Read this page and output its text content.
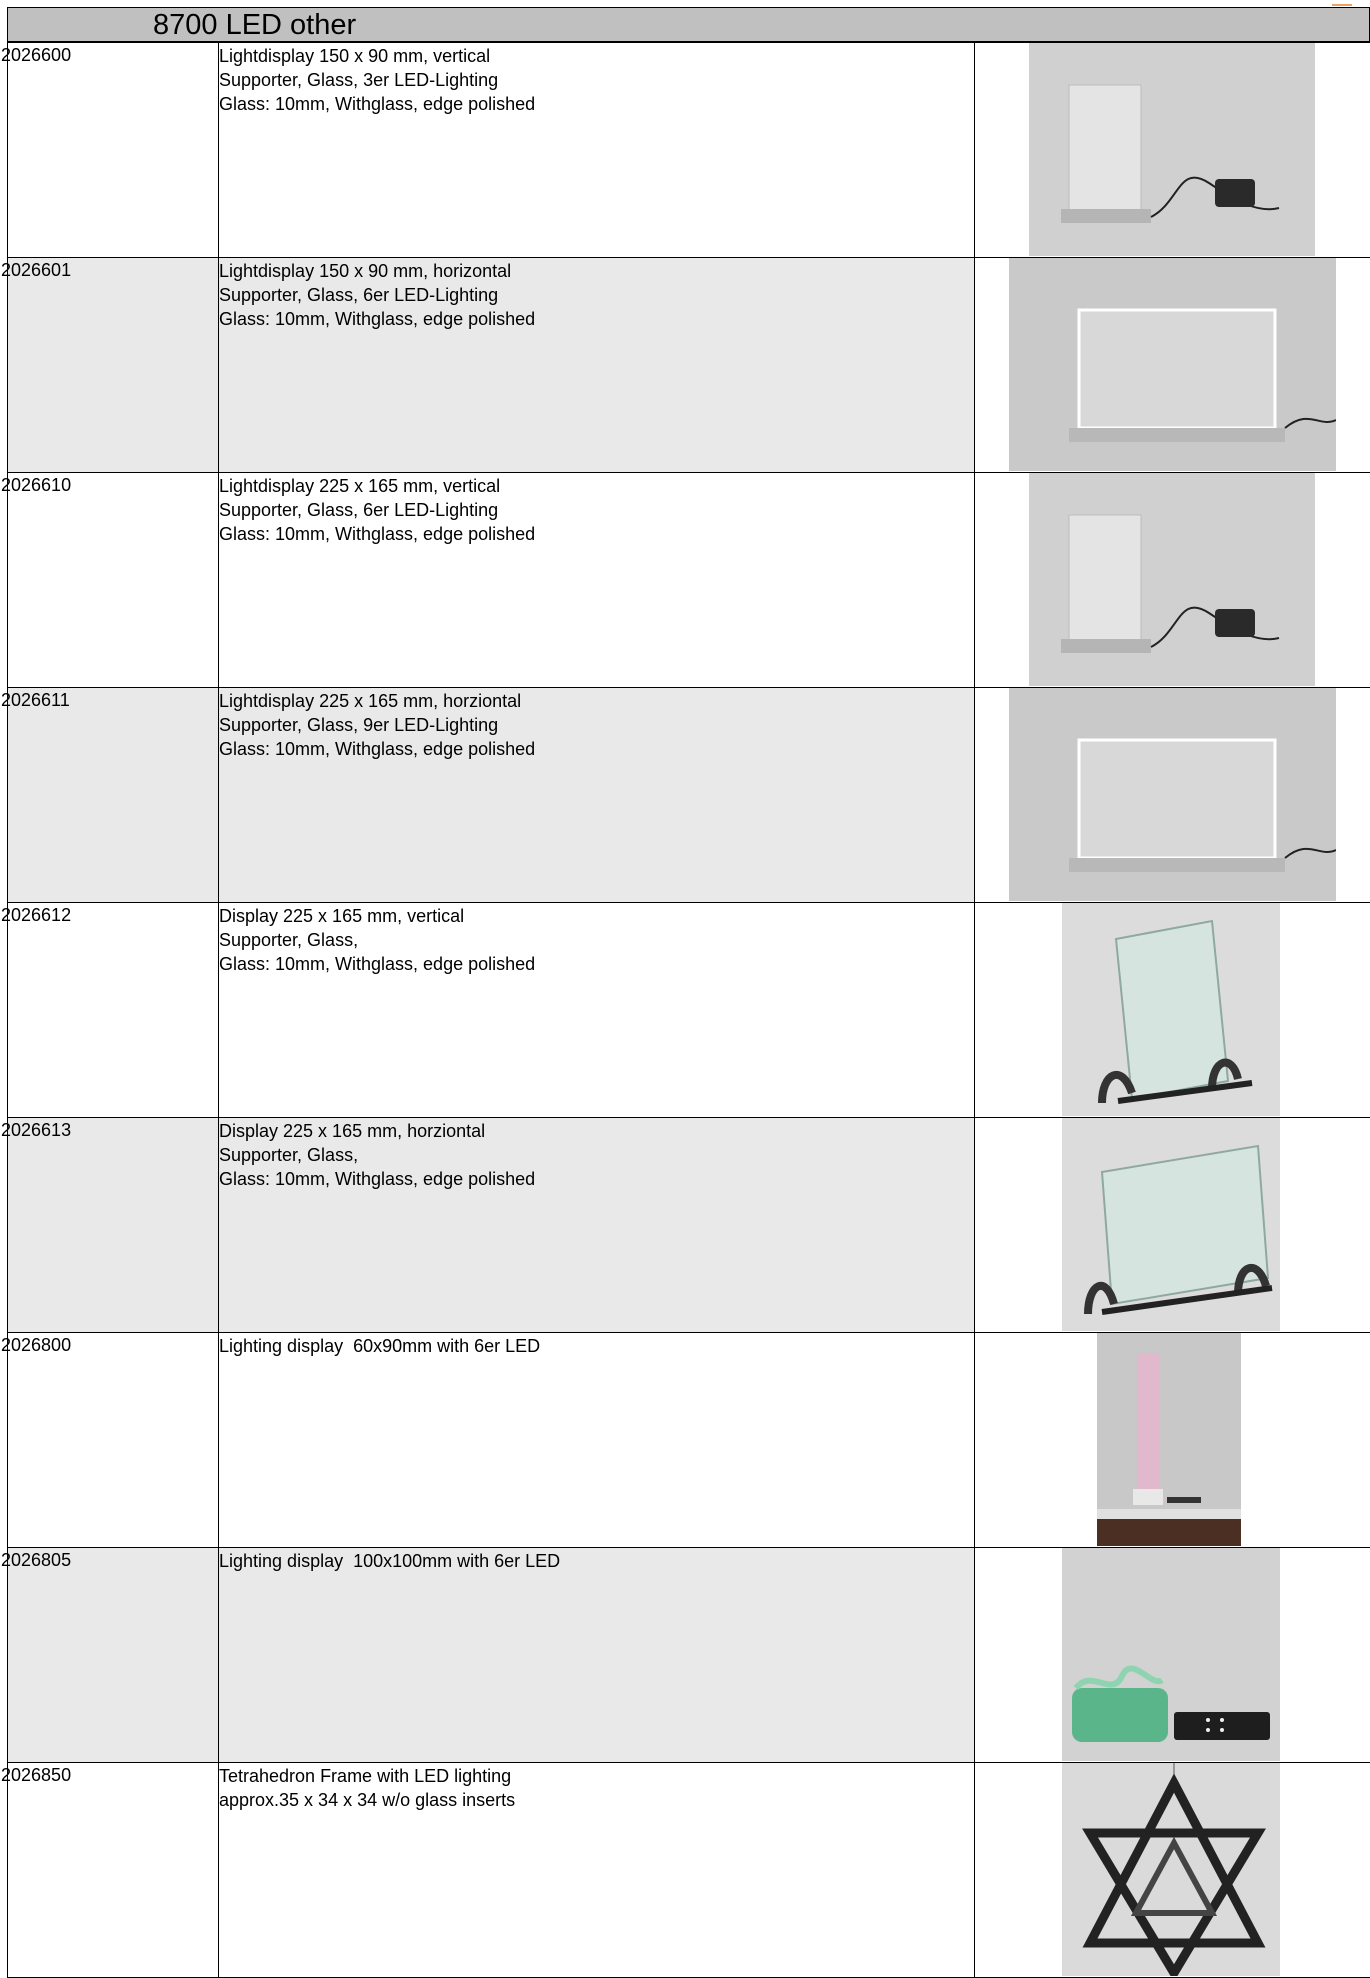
8700 LED other
2026600	Lightdisplay 150 x 90 mm, vertical
Supporter, Glass, 3er LED-Lighting
Glass: 10mm, Withglass, edge polished

2026601	Lightdisplay 150 x 90 mm, horizontal
Supporter, Glass, 6er LED-Lighting
Glass: 10mm, Withglass, edge polished

2026610	Lightdisplay 225 x 165 mm, vertical
Supporter, Glass, 6er LED-Lighting
Glass: 10mm, Withglass, edge polished

2026611	Lightdisplay 225 x 165 mm, horziontal
Supporter, Glass, 9er LED-Lighting
Glass: 10mm, Withglass, edge polished

2026612	Display 225 x 165 mm, vertical
Supporter, Glass,
Glass: 10mm, Withglass, edge polished

2026613	Display 225 x 165 mm, horziontal
Supporter, Glass,
Glass: 10mm, Withglass, edge polished

2026800	Lighting display  60x90mm with 6er LED

2026805	Lighting display  100x100mm with 6er LED

2026850	Tetrahedron Frame with LED lighting
approx.35 x 34 x 34 w/o glass inserts
